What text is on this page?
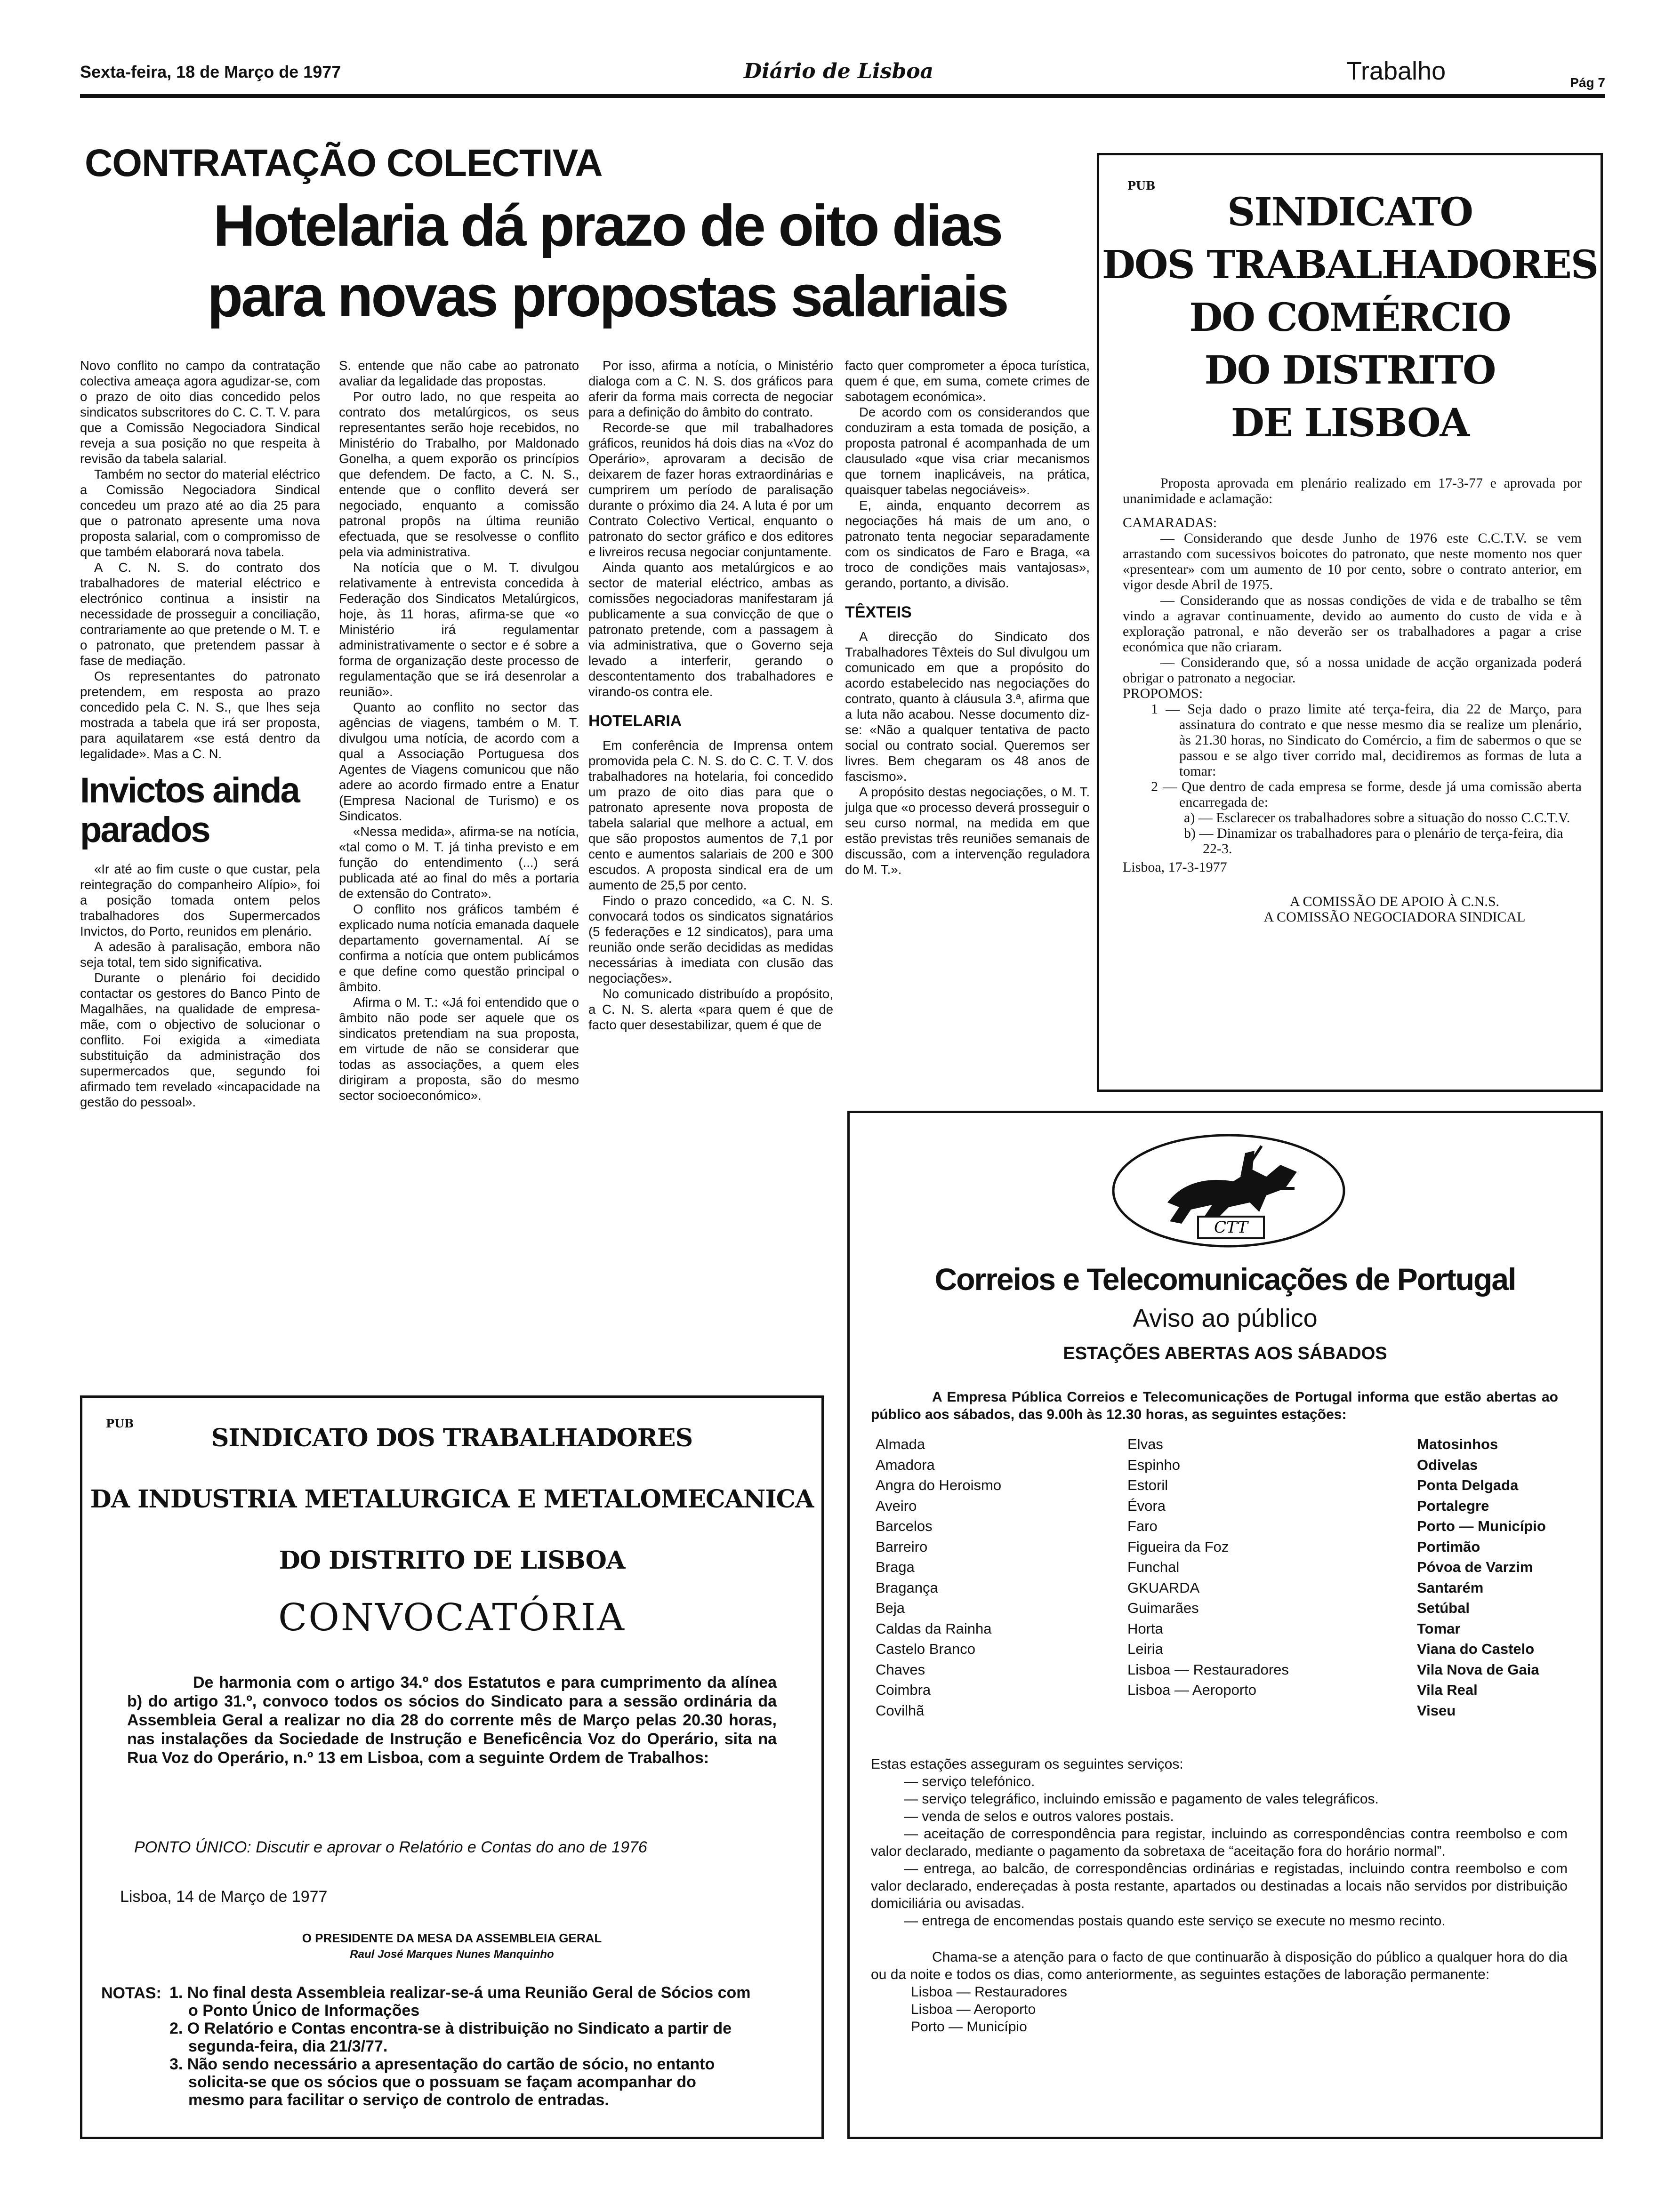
Sexta-feira, 18 de Março de 1977	Diário de Lisboa	Trabalho	Pág 7
CONTRATAÇÃO COLECTIVA
Hotelaria dá prazo de oito dias para novas propostas salariais

Novo conflito no campo da contratação colectiva ameaça agora agudizar-se, com o prazo de oito dias concedido pelos sindicatos subscritores do C. C. T. V. para que a Comissão Negociadora Sindical reveja a sua posição no que respeita à revisão da tabela salarial.

Também no sector do material eléctrico a Comissão Negociadora Sindical concedeu um prazo até ao dia 25 para que o patronato apresente uma nova proposta salarial, com o compromisso de que também elaborará nova tabela.

A C. N. S. do contrato dos trabalhadores de material eléctrico e electrónico continua a insistir na necessidade de prosseguir a conciliação, contrariamente ao que pretende o M. T. e o patronato, que pretendem passar à fase de mediação.

Os representantes do patronato pretendem, em resposta ao prazo concedido pela C. N. S., que lhes seja mostrada a tabela que irá ser proposta, para aquilatarem «se está dentro da legalidade». Mas a C. N.

Invictos ainda parados

«Ir até ao fim custe o que custar, pela reintegração do companheiro Alípio», foi a posição tomada ontem pelos trabalhadores dos Supermercados Invictos, do Porto, reunidos em plenário.

A adesão à paralisação, embora não seja total, tem sido significativa.

Durante o plenário foi decidido contactar os gestores do Banco Pinto de Magalhães, na qualidade de empresa-mãe, com o objectivo de solucionar o conflito. Foi exigida a «imediata substituição da administração dos supermercados que, segundo foi afirmado tem revelado «incapacidade na gestão do pessoal».

S. entende que não cabe ao patronato avaliar da legalidade das propostas.

Por outro lado, no que respeita ao contrato dos metalúrgicos, os seus representantes serão hoje recebidos, no Ministério do Trabalho, por Maldonado Gonelha, a quem exporão os princípios que defendem. De facto, a C. N. S., entende que o conflito deverá ser negociado, enquanto a comissão patronal propôs na última reunião efectuada, que se resolvesse o conflito pela via administrativa.

Na notícia que o M. T. divulgou relativamente à entrevista concedida à Federação dos Sindicatos Metalúrgicos, hoje, às 11 horas, afirma-se que «o Ministério irá regulamentar administrativamente o sector e é sobre a forma de organização deste processo de regulamentação que se irá desenrolar a reunião».

Quanto ao conflito no sector das agências de viagens, também o M. T. divulgou uma notícia, de acordo com a qual a Associação Portuguesa dos Agentes de Viagens comunicou que não adere ao acordo firmado entre a Enatur (Empresa Nacional de Turismo) e os Sindicatos.

«Nessa medida», afirma-se na notícia, «tal como o M. T. já tinha previsto e em função do entendimento (...) será publicada até ao final do mês a portaria de extensão do Contrato».

O conflito nos gráficos também é explicado numa notícia emanada daquele departamento governamental. Aí se confirma a notícia que ontem publicámos e que define como questão principal o âmbito.

Afirma o M. T.: «Já foi entendido que o âmbito não pode ser aquele que os sindicatos pretendiam na sua proposta, em virtude de não se considerar que todas as associações, a quem eles dirigiram a proposta, são do mesmo sector socioeconómico».

Por isso, afirma a notícia, o Ministério dialoga com a C. N. S. dos gráficos para aferir da forma mais correcta de negociar para a definição do âmbito do contrato.

Recorde-se que mil trabalhadores gráficos, reunidos há dois dias na «Voz do Operário», aprovaram a decisão de deixarem de fazer horas extraordinárias e cumprirem um período de paralisação durante o próximo dia 24. A luta é por um Contrato Colectivo Vertical, enquanto o patronato do sector gráfico e dos editores e livreiros recusa negociar conjuntamente.

Ainda quanto aos metalúrgicos e ao sector de material eléctrico, ambas as comissões negociadoras manifestaram já publicamente a sua convicção de que o patronato pretende, com a passagem à via administrativa, que o Governo seja levado a interferir, gerando o descontentamento dos trabalhadores e virando-os contra ele.

HOTELARIA

Em conferência de Imprensa ontem promovida pela C. N. S. do C. C. T. V. dos trabalhadores na hotelaria, foi concedido um prazo de oito dias para que o patronato apresente nova proposta de tabela salarial que melhore a actual, em que são propostos aumentos de 7,1 por cento e aumentos salariais de 200 e 300 escudos. A proposta sindical era de um aumento de 25,5 por cento.

Findo o prazo concedido, «a C. N. S. convocará todos os sindicatos signatários (5 federações e 12 sindicatos), para uma reunião onde serão decididas as medidas necessárias à imediata con clusão das negociações».

No comunicado distribuído a propósito, a C. N. S. alerta «para quem é que de facto quer desestabilizar, quem é que de

facto quer comprometer a época turística, quem é que, em suma, comete crimes de sabotagem económica».

De acordo com os considerandos que conduziram a esta tomada de posição, a proposta patronal é acompanhada de um clausulado «que visa criar mecanismos que tornem inaplicáveis, na prática, quaisquer tabelas negociáveis».

E, ainda, enquanto decorrem as negociações há mais de um ano, o patronato tenta negociar separadamente com os sindicatos de Faro e Braga, «a troco de condições mais vantajosas», gerando, portanto, a divisão.

TÊXTEIS

A direcção do Sindicato dos Trabalhadores Têxteis do Sul divulgou um comunicado em que a propósito do acordo estabelecido nas negociações do contrato, quanto à cláusula 3.ª, afirma que a luta não acabou. Nesse documento diz-se: «Não a qualquer tentativa de pacto social ou contrato social. Queremos ser livres. Bem chegaram os 48 anos de fascismo».

A propósito destas negociações, o M. T. julga que «o processo deverá prosseguir o seu curso normal, na medida em que estão previstas três reuniões semanais de discussão, com a intervenção reguladora do M. T.».

PUB
SINDICATO
DOS TRABALHADORES
DO COMÉRCIO
DO DISTRITO
DE LISBOA

Proposta aprovada em plenário realizado em 17-3-77 e aprovada por unanimidade e aclamação:

CAMARADAS:

— Considerando que desde Junho de 1976 este C.C.T.V. se vem arrastando com sucessivos boicotes do patronato, que neste momento nos quer «presentear» com um aumento de 10 por cento, sobre o contrato anterior, em vigor desde Abril de 1975.

— Considerando que as nossas condições de vida e de trabalho se têm vindo a agravar continuamente, devido ao aumento do custo de vida e à exploração patronal, e não deverão ser os trabalhadores a pagar a crise económica que não criaram.

— Considerando que, só a nossa unidade de acção organizada poderá obrigar o patronato a negociar.

PROPOMOS:

1 — Seja dado o prazo limite até terça-feira, dia 22 de Março, para assinatura do contrato e que nesse mesmo dia se realize um plenário, às 21.30 horas, no Sindicato do Comércio, a fim de sabermos o que se passou e se algo tiver corrido mal, decidiremos as formas de luta a tomar:

2 — Que dentro de cada empresa se forme, desde já uma comissão aberta encarregada de:

a) — Esclarecer os trabalhadores sobre a situação do nosso C.C.T.V.

b) — Dinamizar os trabalhadores para o plenário de terça-feira, dia 22-3.

Lisboa, 17-3-1977

A COMISSÃO DE APOIO À C.N.S.

A COMISSÃO NEGOCIADORA SINDICAL

PUB
SINDICATO DOS TRABALHADORES
DA INDUSTRIA METALURGICA E METALOMECANICA
DO DISTRITO DE LISBOA
CONVOCATÓRIA
De harmonia com o artigo 34.º dos Estatutos e para cumprimento da alínea b) do artigo 31.º, convoco todos os sócios do Sindicato para a sessão ordinária da Assembleia Geral a realizar no dia 28 do corrente mês de Março pelas 20.30 horas, nas instalações da Sociedade de Instrução e Beneficência Voz do Operário, sita na Rua Voz do Operário, n.º 13 em Lisboa, com a seguinte Ordem de Trabalhos:
PONTO ÚNICO: Discutir e aprovar o Relatório e Contas do ano de 1976
Lisboa, 14 de Março de 1977
O PRESIDENTE DA MESA DA ASSEMBLEIA GERAL
Raul José Marques Nunes Manquinho
NOTAS: 1. No final desta Assembleia realizar-se-á uma Reunião Geral de Sócios com o Ponto Único de Informações

2. O Relatório e Contas encontra-se à distribuição no Sindicato a partir de segunda-feira, dia 21/3/77.

3. Não sendo necessário a apresentação do cartão de sócio, no entanto solicita-se que os sócios que o possuam se façam acompanhar do mesmo para facilitar o serviço de controlo de entradas.

CTT
Correios e Telecomunicações de Portugal
Aviso ao público
ESTAÇÕES ABERTAS AOS SÁBADOS
A Empresa Pública Correios e Telecomunicações de Portugal informa que estão abertas ao público aos sábados, das 9.00h às 12.30 horas, as seguintes estações:
Almada
Amadora
Angra do Heroismo
Aveiro
Barcelos
Barreiro
Braga
Bragança
Beja
Caldas da Rainha
Castelo Branco
Chaves
Coimbra
Covilhã
Elvas
Espinho
Estoril
Évora
Faro
Figueira da Foz
Funchal
GKUARDA
Guimarães
Horta
Leiria
Lisboa — Restauradores
Lisboa — Aeroporto
Matosinhos
Odivelas
Ponta Delgada
Portalegre
Porto — Município
Portimão
Póvoa de Varzim
Santarém
Setúbal
Tomar
Viana do Castelo
Vila Nova de Gaia
Vila Real
Viseu

Estas estações asseguram os seguintes serviços:

— serviço telefónico.

— serviço telegráfico, incluindo emissão e pagamento de vales telegráficos.

— venda de selos e outros valores postais.

— aceitação de correspondência para registar, incluindo as correspondências contra reembolso e com valor declarado, mediante o pagamento da sobretaxa de “aceitação fora do horário normal”.

— entrega, ao balcão, de correspondências ordinárias e registadas, incluindo contra reembolso e com valor declarado, endereçadas à posta restante, apartados ou destinadas a locais não servidos por distribuição domiciliária ou avisadas.

— entrega de encomendas postais quando este serviço se execute no mesmo recinto.

Chama-se a atenção para o facto de que continuarão à disposição do público a qualquer hora do dia ou da noite e todos os dias, como anteriormente, as seguintes estações de laboração permanente:

Lisboa — Restauradores

Lisboa — Aeroporto

Porto — Município
